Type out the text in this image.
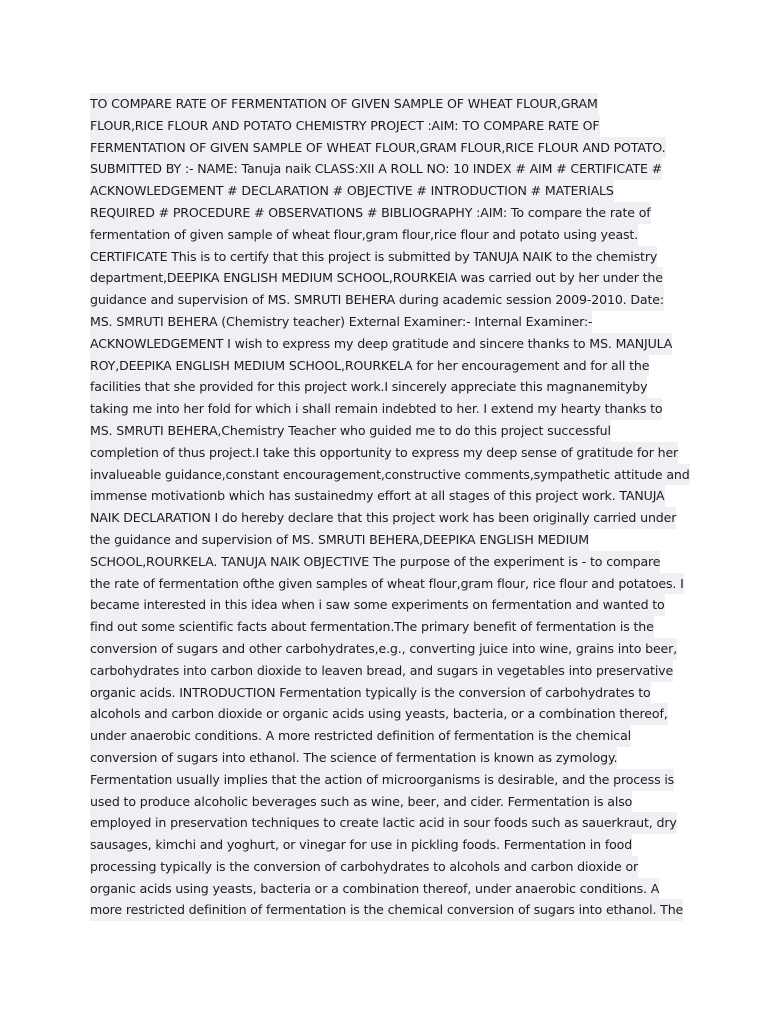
TO COMPARE RATE OF FERMENTATION OF GIVEN SAMPLE OF WHEAT FLOUR,GRAM
FLOUR,RICE FLOUR AND POTATO CHEMISTRY PROJECT :AIM: TO COMPARE RATE OF
FERMENTATION OF GIVEN SAMPLE OF WHEAT FLOUR,GRAM FLOUR,RICE FLOUR AND POTATO.
SUBMITTED BY :- NAME: Tanuja naik CLASS:XII A ROLL NO: 10 INDEX # AIM # CERTIFICATE #
ACKNOWLEDGEMENT # DECLARATION # OBJECTIVE # INTRODUCTION # MATERIALS
REQUIRED # PROCEDURE # OBSERVATIONS # BIBLIOGRAPHY :AIM: To compare the rate of
fermentation of given sample of wheat flour,gram flour,rice flour and potato using yeast.
CERTIFICATE This is to certify that this project is submitted by TANUJA NAIK to the chemistry
department,DEEPIKA ENGLISH MEDIUM SCHOOL,ROURKEIA was carried out by her under the
guidance and supervision of MS. SMRUTI BEHERA during academic session 2009-2010. Date:
MS. SMRUTI BEHERA (Chemistry teacher) External Examiner:- Internal Examiner:-
ACKNOWLEDGEMENT I wish to express my deep gratitude and sincere thanks to MS. MANJULA
ROY,DEEPIKA ENGLISH MEDIUM SCHOOL,ROURKELA for her encouragement and for all the
facilities that she provided for this project work.I sincerely appreciate this magnanemityby
taking me into her fold for which i shall remain indebted to her. I extend my hearty thanks to
MS. SMRUTI BEHERA,Chemistry Teacher who guided me to do this project successful
completion of thus project.I take this opportunity to express my deep sense of gratitude for her
invalueable guidance,constant encouragement,constructive comments,sympathetic attitude and
immense motivationb which has sustainedmy effort at all stages of this project work. TANUJA
NAIK DECLARATION I do hereby declare that this project work has been originally carried under
the guidance and supervision of MS. SMRUTI BEHERA,DEEPIKA ENGLISH MEDIUM
SCHOOL,ROURKELA. TANUJA NAIK OBJECTIVE The purpose of the experiment is - to compare
the rate of fermentation ofthe given samples of wheat flour,gram flour, rice flour and potatoes. I
became interested in this idea when i saw some experiments on fermentation and wanted to
find out some scientific facts about fermentation.The primary benefit of fermentation is the
conversion of sugars and other carbohydrates,e.g., converting juice into wine, grains into beer,
carbohydrates into carbon dioxide to leaven bread, and sugars in vegetables into preservative
organic acids. INTRODUCTION Fermentation typically is the conversion of carbohydrates to
alcohols and carbon dioxide or organic acids using yeasts, bacteria, or a combination thereof,
under anaerobic conditions. A more restricted definition of fermentation is the chemical
conversion of sugars into ethanol. The science of fermentation is known as zymology.
Fermentation usually implies that the action of microorganisms is desirable, and the process is
used to produce alcoholic beverages such as wine, beer, and cider. Fermentation is also
employed in preservation techniques to create lactic acid in sour foods such as sauerkraut, dry
sausages, kimchi and yoghurt, or vinegar for use in pickling foods. Fermentation in food
processing typically is the conversion of carbohydrates to alcohols and carbon dioxide or
organic acids using yeasts, bacteria or a combination thereof, under anaerobic conditions. A
more restricted definition of fermentation is the chemical conversion of sugars into ethanol. The
